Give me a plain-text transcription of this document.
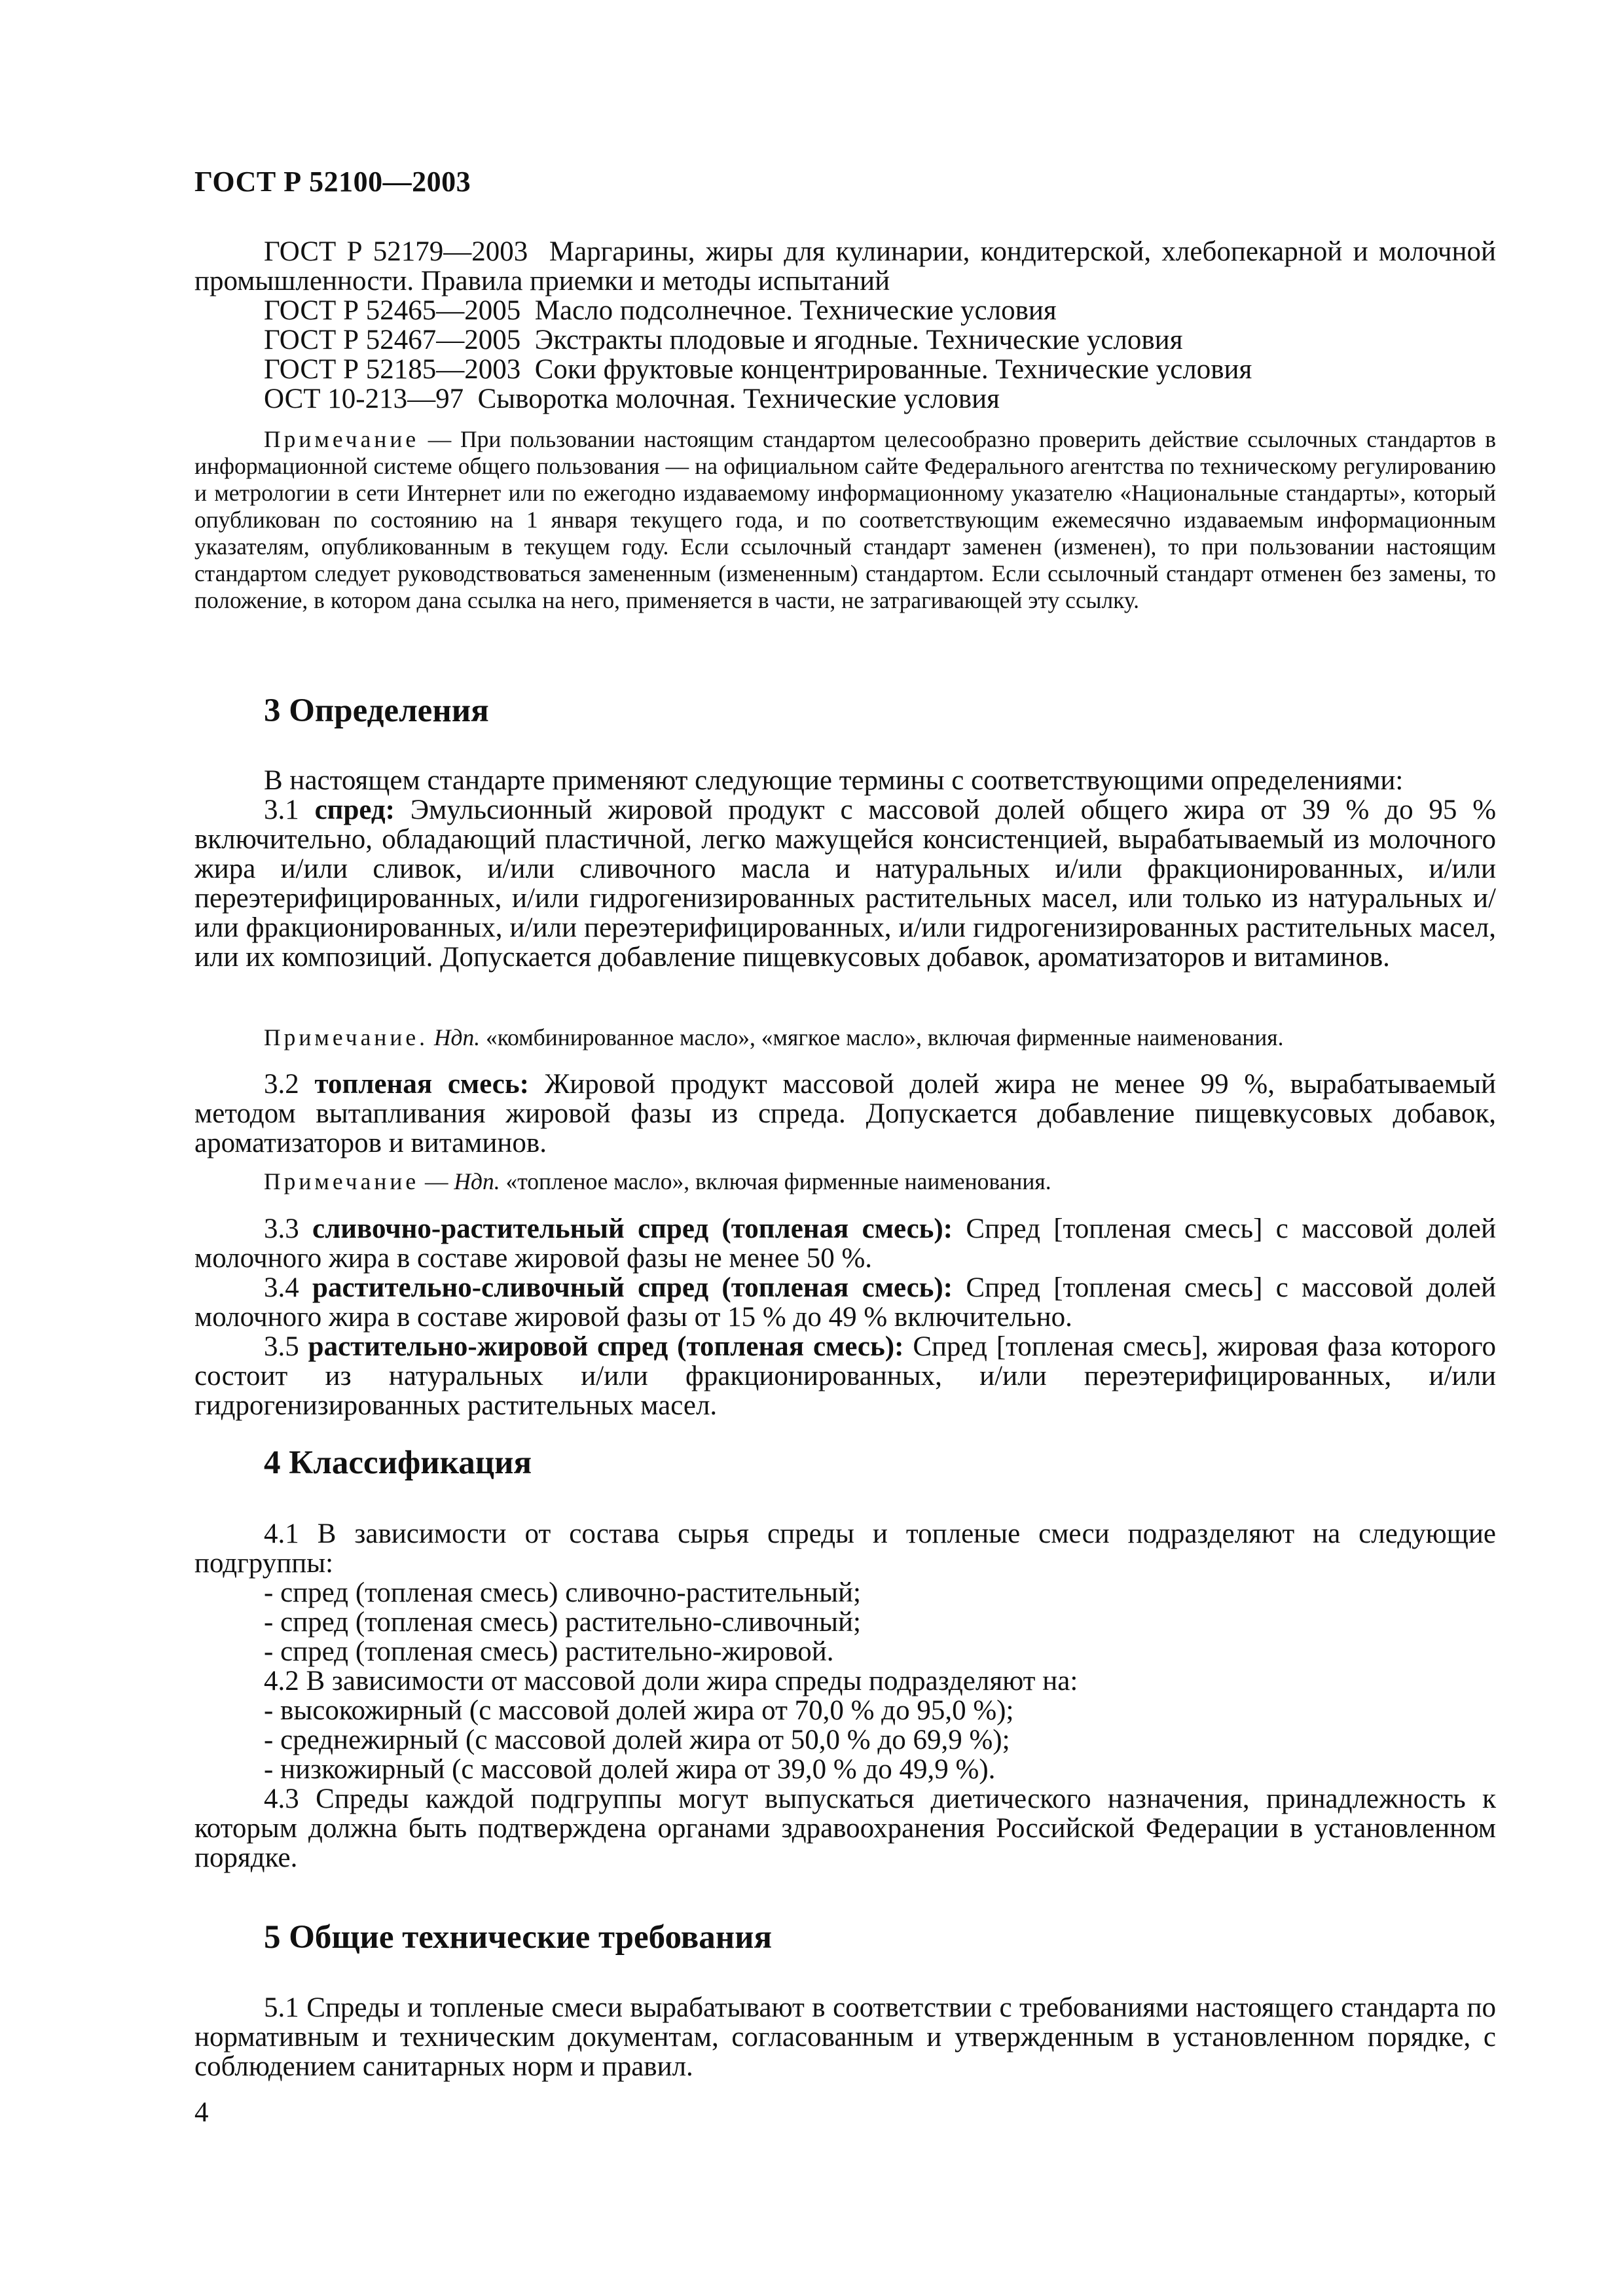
ГОСТ Р 52100—2003

ГОСТ Р 52179—2003 Маргарины, жиры для кулинарии, кондитерской, хлебопекарной и молочной промышленности. Правила приемки и методы испытаний

ГОСТ Р 52465—2005 Масло подсолнечное. Технические условия

ГОСТ Р 52467—2005 Экстракты плодовые и ягодные. Технические условия

ГОСТ Р 52185—2003 Соки фруктовые концентрированные. Технические условия

ОСТ 10-213—97 Сыворотка молочная. Технические условия

Примечание — При пользовании настоящим стандартом целесообразно проверить действие ссылочных стандартов в информационной системе общего пользования — на официальном сайте Федерального агентства по техническому регулированию и метрологии в сети Интернет или по ежегодно издаваемому информационному указателю «Национальные стандарты», который опубликован по состоянию на 1 января текущего года, и по соответствующим ежемесячно издаваемым информационным указателям, опубликованным в текущем году. Если ссылочный стандарт заменен (изменен), то при пользовании настоящим стандартом следует руководствоваться замененным (измененным) стандартом. Если ссылочный стандарт отменен без замены, то положение, в котором дана ссылка на него, применяется в части, не затрагивающей эту ссылку.

3 Определения

В настоящем стандарте применяют следующие термины с соответствующими определениями:

3.1 спред: Эмульсионный жировой продукт с массовой долей общего жира от 39 % до 95 % включительно, обладающий пластичной, легко мажущейся консистенцией, вырабатываемый из молочного жира и/или сливок, и/или сливочного масла и натуральных и/или фракционированных, и/или переэтерифицированных, и/или гидрогенизированных растительных масел, или только из натуральных и/или фракционированных, и/или переэтерифицированных, и/или гидрогенизированных растительных масел, или их композиций. Допускается добавление пищевкусовых добавок, ароматизаторов и витаминов.

Примечание. Ндп. «комбинированное масло», «мягкое масло», включая фирменные наименования.

3.2 топленая смесь: Жировой продукт массовой долей жира не менее 99 %, вырабатываемый методом вытапливания жировой фазы из спреда. Допускается добавление пищевкусовых добавок, ароматизаторов и витаминов.

Примечание — Ндп. «топленое масло», включая фирменные наименования.

3.3 сливочно-растительный спред (топленая смесь): Спред [топленая смесь] с массовой долей молочного жира в составе жировой фазы не менее 50 %.

3.4 растительно-сливочный спред (топленая смесь): Спред [топленая смесь] с массовой долей молочного жира в составе жировой фазы от 15 % до 49 % включительно.

3.5 растительно-жировой спред (топленая смесь): Спред [топленая смесь], жировая фаза которого состоит из натуральных и/или фракционированных, и/или переэтерифицированных, и/или гидрогенизированных растительных масел.

4 Классификация

4.1 В зависимости от состава сырья спреды и топленые смеси подразделяют на следующие подгруппы:

- спред (топленая смесь) сливочно-растительный;

- спред (топленая смесь) растительно-сливочный;

- спред (топленая смесь) растительно-жировой.

4.2 В зависимости от массовой доли жира спреды подразделяют на:

- высокожирный (с массовой долей жира от 70,0 % до 95,0 %);

- среднежирный (с массовой долей жира от 50,0 % до 69,9 %);

- низкожирный (с массовой долей жира от 39,0 % до 49,9 %).

4.3 Спреды каждой подгруппы могут выпускаться диетического назначения, принадлежность к которым должна быть подтверждена органами здравоохранения Российской Федерации в установленном порядке.

5 Общие технические требования

5.1 Спреды и топленые смеси вырабатывают в соответствии с требованиями настоящего стандарта по нормативным и техническим документам, согласованным и утвержденным в установленном порядке, с соблюдением санитарных норм и правил.

4
